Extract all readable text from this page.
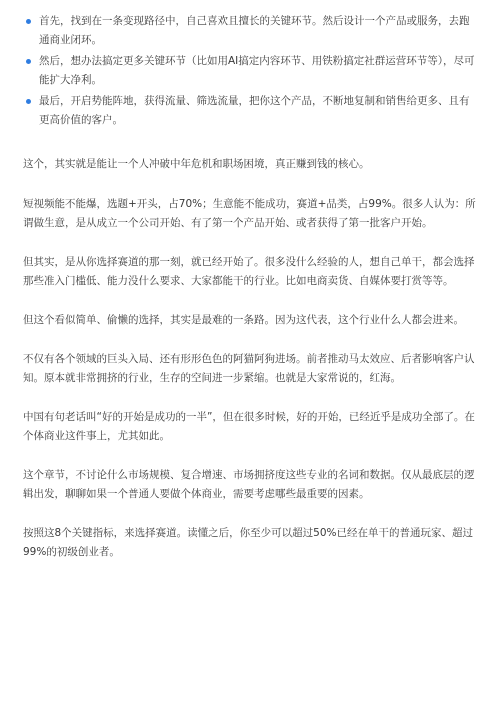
首先，找到在一条变现路径中，自己喜欢且擅长的关键环节。然后设计一个产品或服务，去跑通商业闭环。
然后，想办法搞定更多关键环节（比如用AI搞定内容环节、用铁粉搞定社群运营环节等），尽可能扩大净利。
最后，开启势能阵地，获得流量、筛选流量，把你这个产品，不断地复制和销售给更多、且有更高价值的客户。

这个，其实就是能让一个人冲破中年危机和职场困境，真正赚到钱的核心。

短视频能不能爆，选题+开头，占70%；生意能不能成功，赛道+品类，占99%。很多人认为：所谓做生意，是从成立一个公司开始、有了第一个产品开始、或者获得了第一批客户开始。

但其实，是从你选择赛道的那一刻，就已经开始了。很多没什么经验的人，想自己单干，都会选择那些准入门槛低、能力没什么要求、大家都能干的行业。比如电商卖货、自媒体要打赏等等。

但这个看似简单、偷懒的选择，其实是最难的一条路。因为这代表，这个行业什么人都会进来。

不仅有各个领域的巨头入局、还有形形色色的阿猫阿狗进场。前者推动马太效应、后者影响客户认知。原本就非常拥挤的行业，生存的空间进一步紧缩。也就是大家常说的，红海。

中国有句老话叫“好的开始是成功的一半”，但在很多时候，好的开始，已经近乎是成功全部了。在个体商业这件事上，尤其如此。

这个章节，不讨论什么市场规模、复合增速、市场拥挤度这些专业的名词和数据。仅从最底层的逻辑出发，聊聊如果一个普通人要做个体商业，需要考虑哪些最重要的因素。

按照这8个关键指标，来选择赛道。读懂之后，你至少可以超过50%已经在单干的普通玩家、超过99%的初级创业者。
